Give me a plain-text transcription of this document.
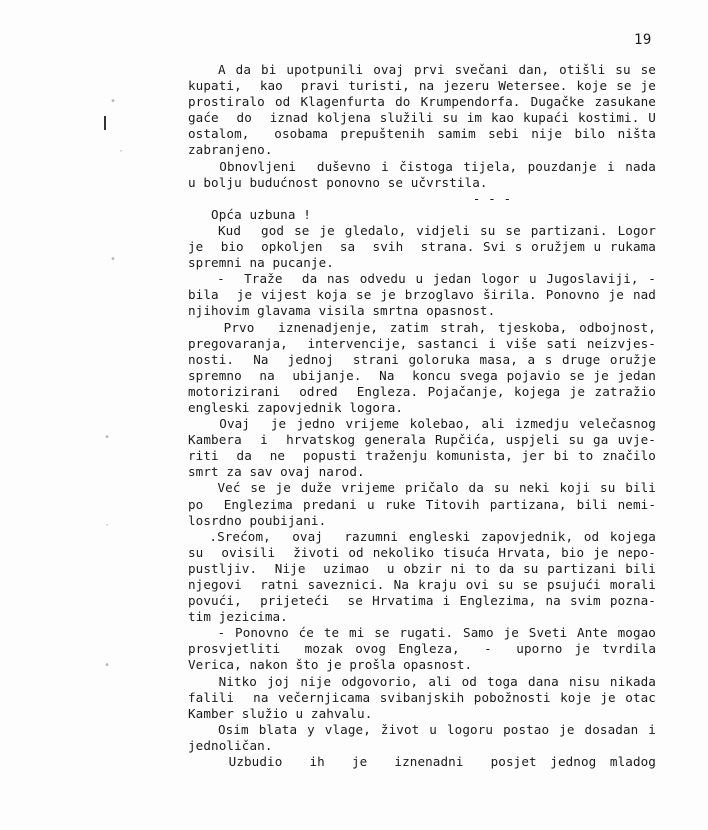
19
•
·
•
•
·
•
A da bi upotpunili ovaj prvi svečani dan, otišli su se
kupati,  kao  pravi turisti, na jezeru Wetersee. koje se je
prostiralo od Klagenfurta do Krumpendorfa. Dugačke zasukane
gaće  do  iznad koljena služili su im kao kupaći kostimi. U
ostalom,  osobama prepuštenih samim sebi nije bilo ništa
zabranjeno.
Obnovljeni  duševno i čistoga tijela, pouzdanje i nada
u bolju budućnost ponovno se učvrstila.
- - -
Opća uzbuna !
Kud  god se je gledalo, vidjeli su se partizani. Logor
je  bio  opkoljen  sa  svih  strana. Svi s oružjem u rukama
spremni na pucanje.
-  Traže  da nas odvedu u jedan logor u Jugoslaviji, -
bila  je vijest koja se je brzoglavo širila. Ponovno je nad
njihovim glavama visila smrtna opasnost.
Prvo  iznenadjenje, zatim strah, tjeskoba, odbojnost,
pregovaranja,  intervencije, sastanci i više sati neizvjes-
nosti.  Na  jednoj  strani goloruka masa, a s druge oružje
spremno  na  ubijanje.  Na  koncu svega pojavio se je jedan
motorizirani  odred  Engleza. Pojačanje, kojega je zatražio
engleski zapovjednik logora.
Ovaj  je jedno vrijeme kolebao, ali izmedju velečasnog
Kambera  i  hrvatskog generala Rupčića, uspjeli su ga uvje-
riti  da  ne  popusti traženju komunista, jer bi to značilo
smrt za sav ovaj narod.
Već se je duže vrijeme pričalo da su neki koji su bili
po  Englezima predani u ruke Titovih partizana, bili nemi-
losrdno poubijani.
.Srećom,  ovaj  razumni engleski zapovjednik, od kojega
su  ovisili  životi od nekoliko tisuća Hrvata, bio je nepo-
pustljiv.  Nije  uzimao  u obzir ni to da su partizani bili
njegovi  ratni saveznici. Na kraju ovi su se psujući morali
povući,  prijeteći  se Hrvatima i Englezima, na svim pozna-
tim jezicima.
- Ponovno će te mi se rugati. Samo je Sveti Ante mogao
prosvjetliti  mozak ovog Engleza,  -  uporno je tvrdila
Verica, nakon što je prošla opasnost.
Nitko joj nije odgovorio, ali od toga dana nisu nikada
falili  na večernjicama svibanjskih pobožnosti koje je otac
Kamber služio u zahvalu.
Osim blata y vlage, život u logoru postao je dosadan i
jednoličan.
Uzbudio  ih  je  iznenadni  posjet jednog mladog
